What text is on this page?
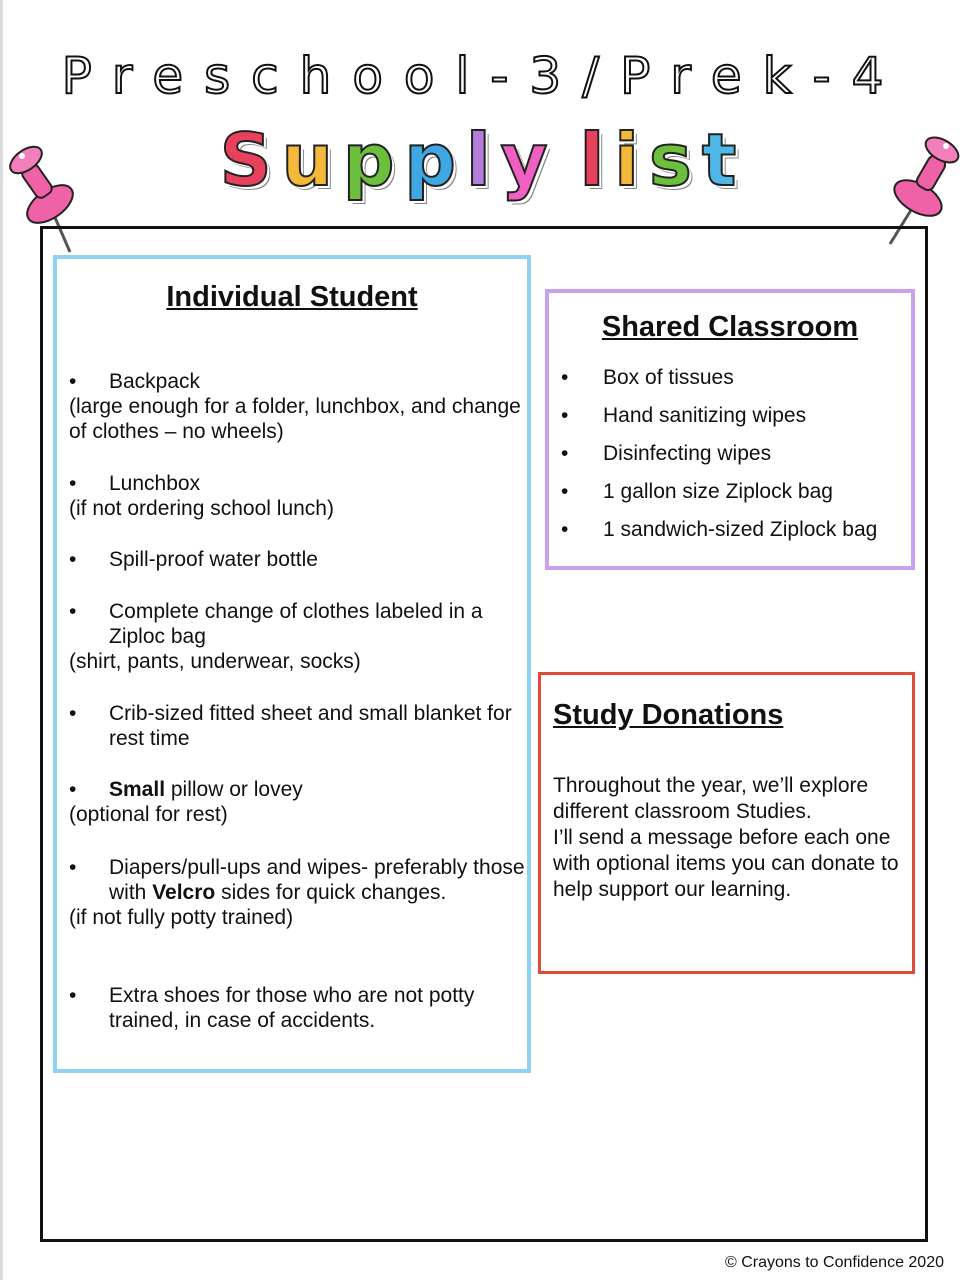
Preschool-3/Prek-4
Supply list
Individual Student
• Backpack
(large enough for a folder, lunchbox, and change of clothes – no wheels)
• Lunchbox
(if not ordering school lunch)
• Spill-proof water bottle
• Complete change of clothes labeled in a Ziploc bag
(shirt, pants, underwear, socks)
• Crib-sized fitted sheet and small blanket for rest time
• Small pillow or lovey
(optional for rest)
• Diapers/pull-ups and wipes- preferably those with Velcro sides for quick changes.
(if not fully potty trained)
• Extra shoes for those who are not potty trained, in case of accidents.
Shared Classroom
• Box of tissues
• Hand sanitizing wipes
• Disinfecting wipes
• 1 gallon size Ziplock bag
• 1 sandwich-sized Ziplock bag
Study Donations
Throughout the year, we’ll explore different classroom Studies.
I’ll send a message before each one with optional items you can donate to help support our learning.
© Crayons to Confidence 2020
